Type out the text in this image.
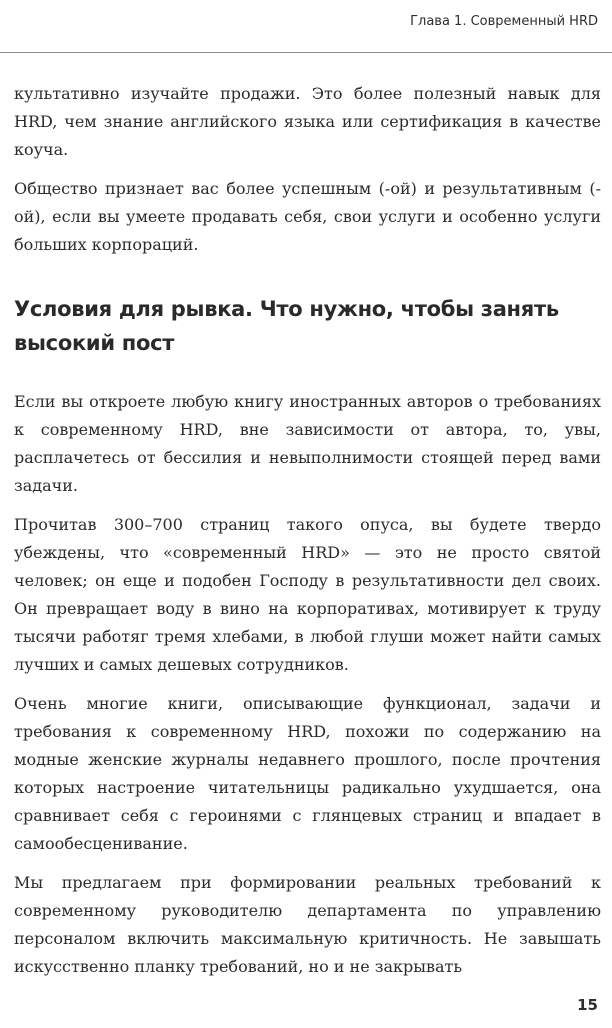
Глава 1. Современный HRD

культативно изучайте продажи. Это более полезный навык для HRD, чем знание английского языка или сертификация в качестве коуча.

Общество признает вас более успешным (-ой) и результативным (-ой), если вы умеете продавать себя, свои услуги и особенно услуги больших корпораций.

Условия для рывка. Что нужно, чтобы занять высокий пост

Если вы откроете любую книгу иностранных авторов о требованиях к современному HRD, вне зависимости от автора, то, увы, расплачетесь от бессилия и невыполнимости стоящей перед вами задачи.

Прочитав 300–700 страниц такого опуса, вы будете твердо убеждены, что «современный HRD» — это не просто святой человек; он еще и подобен Господу в результативности дел своих. Он превращает воду в вино на корпоративах, мотивирует к труду тысячи работяг тремя хлебами, в любой глуши может найти самых лучших и самых дешевых сотрудников.

Очень многие книги, описывающие функционал, задачи и требования к современному HRD, похожи по содержанию на модные женские журналы недавнего прошлого, после прочтения которых настроение читательницы радикально ухудшается, она сравнивает себя с героинями с глянцевых страниц и впадает в самообесценивание.

Мы предлагаем при формировании реальных требований к современному руководителю департамента по управлению персоналом включить максимальную критичность. Не завышать искусственно планку требований, но и не закрывать

15
